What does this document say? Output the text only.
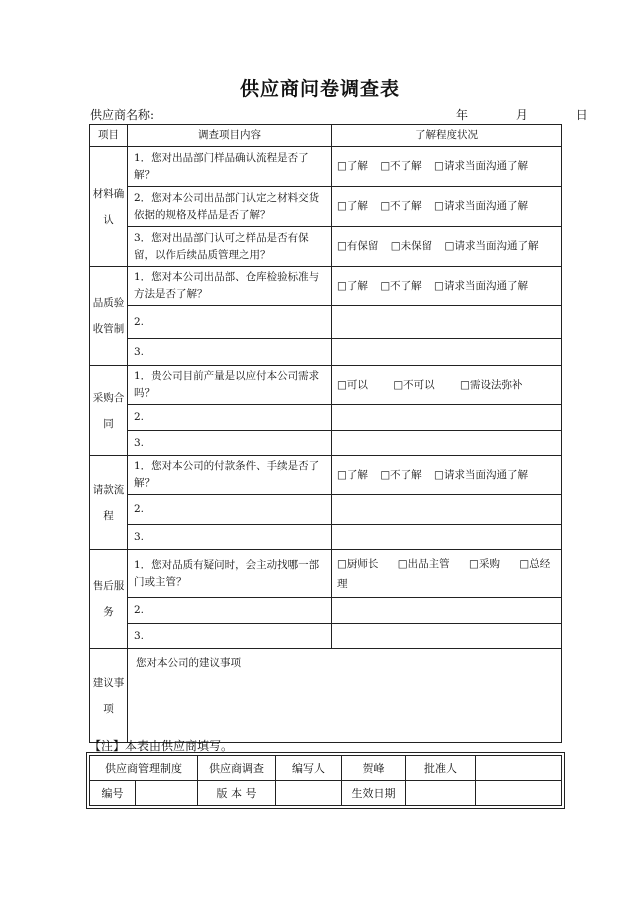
供应商问卷调查表
供应商名称:	年	月	日
项目	调查项目内容	了解程度状况
材料确认	1．您对出品部门样品确认流程是否了解？	□了解 □不了解 □请求当面沟通了解
	2．您对本公司出品部门认定之材料交货依据的规格及样品是否了解？	□了解 □不了解 □请求当面沟通了解
	3．您对出品部门认可之样品是否有保留，以作后续品质管理之用？	□有保留 □未保留 □请求当面沟通了解
品质验收管制	1．您对本公司出品部、仓库检验标准与方法是否了解？	□了解 □不了解 □请求当面沟通了解
	2.	
	3.	
采购合同	1．贵公司目前产量是以应付本公司需求吗？	□可以 □不可以 □需设法弥补
	2.	
	3.	
请款流程	1．您对本公司的付款条件、手续是否了解？	□了解 □不了解 □请求当面沟通了解
	2.	
	3.	
售后服务	1．您对品质有疑问时，会主动找哪一部门或主管？	□厨师长 □出品主管 □采购 □总经理
	2.	
	3.	
建议事项	您对本公司的建议事项	
【注】本表由供应商填写。
供应商管理制度		供应商调查	编写人	贺峰	批准人	
编号		版 本 号		生效日期		
